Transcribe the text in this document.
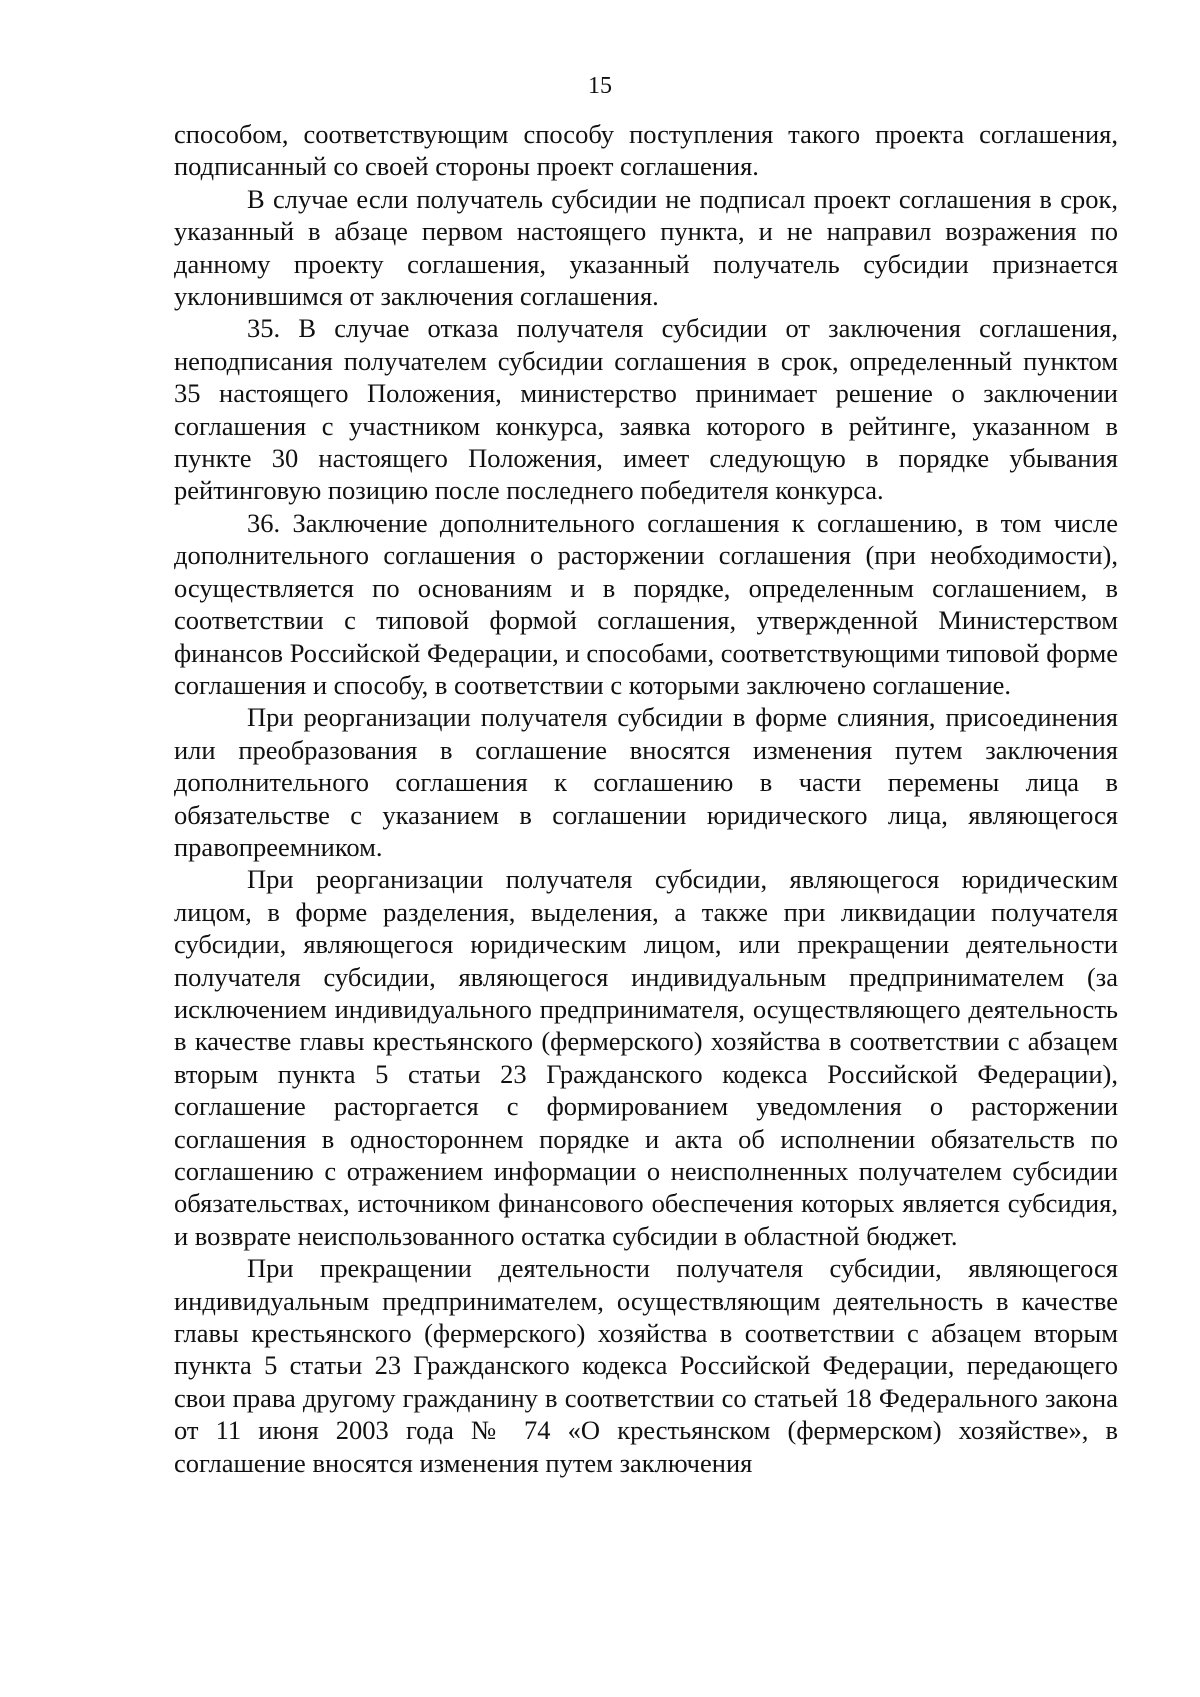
15

способом, соответствующим способу поступления такого проекта соглашения, подписанный со своей стороны проект соглашения.

В случае если получатель субсидии не подписал проект соглашения в срок, указанный в абзаце первом настоящего пункта, и не направил возражения по данному проекту соглашения, указанный получатель субсидии признается уклонившимся от заключения соглашения.

35. В случае отказа получателя субсидии от заключения соглашения, неподписания получателем субсидии соглашения в срок, определенный пунктом 35 настоящего Положения, министерство принимает решение о заключении соглашения с участником конкурса, заявка которого в рейтинге, указанном в пункте 30 настоящего Положения, имеет следующую в порядке убывания рейтинговую позицию после последнего победителя конкурса.

36. Заключение дополнительного соглашения к соглашению, в том числе дополнительного соглашения о расторжении соглашения (при необходимости), осуществляется по основаниям и в порядке, определенным соглашением, в соответствии с типовой формой соглашения, утвержденной Министерством финансов Российской Федерации, и способами, соответствующими типовой форме соглашения и способу, в соответствии с которыми заключено соглашение.

При реорганизации получателя субсидии в форме слияния, присоединения или преобразования в соглашение вносятся изменения путем заключения дополнительного соглашения к соглашению в части перемены лица в обязательстве с указанием в соглашении юридического лица, являющегося правопреемником.

При реорганизации получателя субсидии, являющегося юридическим лицом, в форме разделения, выделения, а также при ликвидации получателя субсидии, являющегося юридическим лицом, или прекращении деятельности получателя субсидии, являющегося индивидуальным предпринимателем (за исключением индивидуального предпринимателя, осуществляющего деятельность в качестве главы крестьянского (фермерского) хозяйства в соответствии с абзацем вторым пункта 5 статьи 23 Гражданского кодекса Российской Федерации), соглашение расторгается с формированием уведомления о расторжении соглашения в одностороннем порядке и акта об исполнении обязательств по соглашению с отражением информации о неисполненных получателем субсидии обязательствах, источником финансового обеспечения которых является субсидия, и возврате неиспользованного остатка субсидии в областной бюджет.

При прекращении деятельности получателя субсидии, являющегося индивидуальным предпринимателем, осуществляющим деятельность в качестве главы крестьянского (фермерского) хозяйства в соответствии с абзацем вторым пункта 5 статьи 23 Гражданского кодекса Российской Федерации, передающего свои права другому гражданину в соответствии со статьей 18 Федерального закона от 11 июня 2003 года № 74 «О крестьянском (фермерском) хозяйстве», в соглашение вносятся изменения путем заключения
